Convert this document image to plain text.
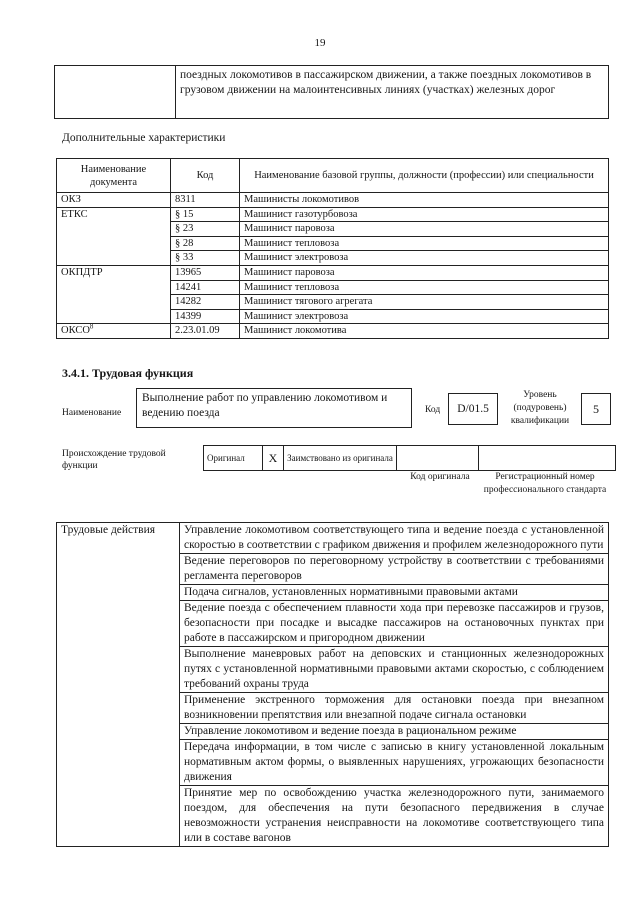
19
	поездных локомотивов в пассажирском движении, а также поездных локомотивов в грузовом движении на малоинтенсивных линиях (участках) железных дорог
Дополнительные характеристики
Наименование документа	Код	Наименование базовой группы, должности (профессии) или специальности
ОКЗ	8311	Машинисты локомотивов
ЕТКС	§ 15	Машинист газотурбовоза
	§ 23	Машинист паровоза
	§ 28	Машинист тепловоза
	§ 33	Машинист электровоза
ОКПДТР	13965	Машинист паровоза
	14241	Машинист тепловоза
	14282	Машинист тягового агрегата
	14399	Машинист электровоза
ОКСО$^8$	2.23.01.09	Машинист локомотива
3.4.1. Трудовая функция
Наименование
Выполнение работ по управлению локомотивом и ведению поезда	Код	D/01.5
Уровень (подуровень) квалификации
5
Происхождение трудовой функции
Оригинал	X	Заимствовано из оригинала		
Код оригинала	Регистрационный номер профессионального стандарта
Трудовые действия	Управление локомотивом соответствующего типа и ведение поезда с установленной скоростью в соответствии с графиком движения и профилем железнодорожного пути
Ведение переговоров по переговорному устройству в соответствии с требованиями регламента переговоров
Подача сигналов, установленных нормативными правовыми актами
Ведение поезда с обеспечением плавности хода при перевозке пассажиров и грузов, безопасности при посадке и высадке пассажиров на остановочных пунктах при работе в пассажирском и пригородном движении
Выполнение маневровых работ на деповских и станционных железнодорожных путях с установленной нормативными правовыми актами скоростью, с соблюдением требований охраны труда
Применение экстренного торможения для остановки поезда при внезапном возникновении препятствия или внезапной подаче сигнала остановки
Управление локомотивом и ведение поезда в рациональном режиме
Передача информации, в том числе с записью в книгу установленной локальным нормативным актом формы, о выявленных нарушениях, угрожающих безопасности движения
Принятие мер по освобождению участка железнодорожного пути, занимаемого поездом, для обеспечения на пути безопасного передвижения в случае невозможности устранения неисправности на локомотиве соответствующего типа или в составе вагонов
